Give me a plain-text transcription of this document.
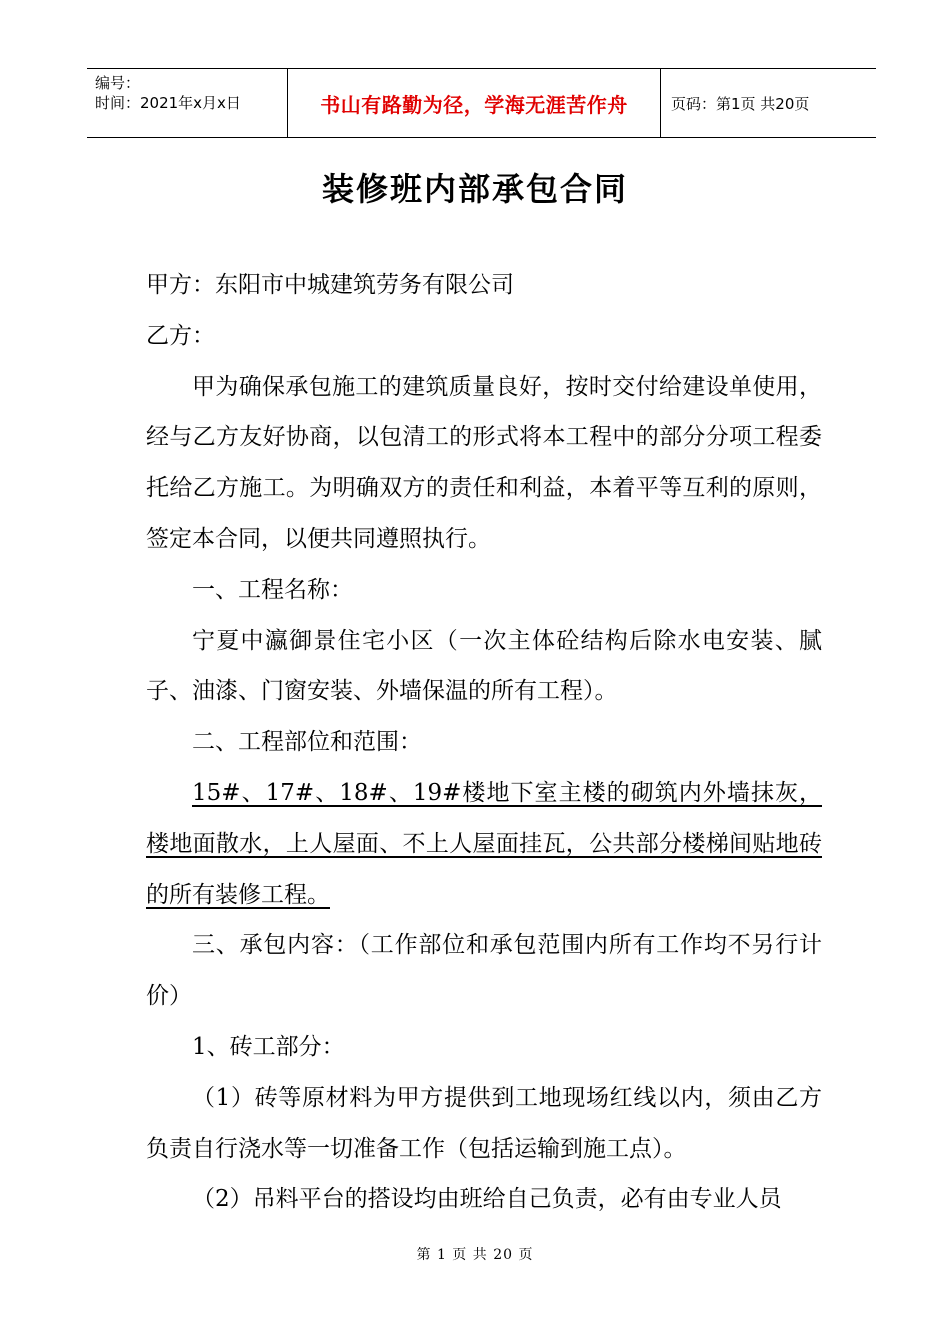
编号：
时间：2021年x月x日	书山有路勤为径，学海无涯苦作舟	页码：第1页 共20页
装修班内部承包合同

甲方：东阳市中城建筑劳务有限公司

乙方：

甲为确保承包施工的建筑质量良好，按时交付给建设单使用，经与乙方友好协商，以包清工的形式将本工程中的部分分项工程委托给乙方施工。为明确双方的责任和利益，本着平等互利的原则，签定本合同，以便共同遵照执行。

一、工程名称：

宁夏中瀛御景住宅小区（一次主体砼结构后除水电安装、腻子、油漆、门窗安装、外墙保温的所有工程）。

二、工程部位和范围：

15#、17#、18#、19#楼地下室主楼的砌筑内外墙抹灰，楼地面散水，上人屋面、不上人屋面挂瓦，公共部分楼梯间贴地砖的所有装修工程。

三、承包内容：（工作部位和承包范围内所有工作均不另行计价）

1、砖工部分：

（1）砖等原材料为甲方提供到工地现场红线以内，须由乙方负责自行浇水等一切准备工作（包括运输到施工点）。

（2）吊料平台的搭设均由班给自己负责，必有由专业人员

第 1 页 共 20 页
